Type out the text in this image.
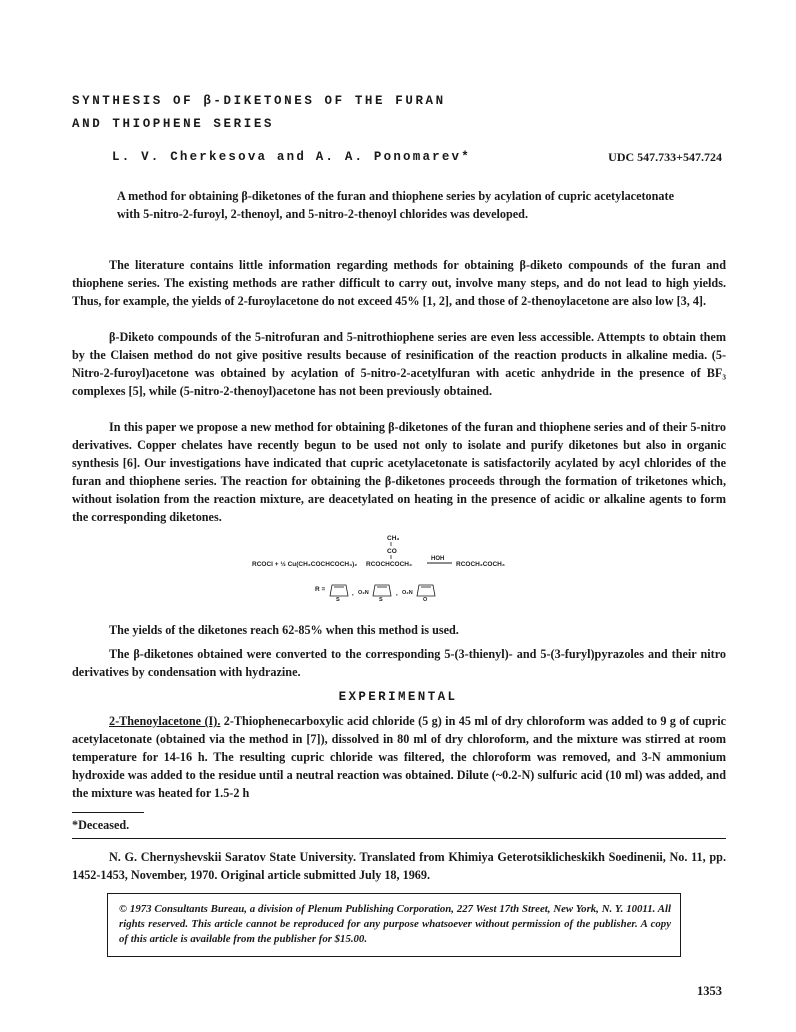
SYNTHESIS OF β-DIKETONES OF THE FURAN
AND THIOPHENE SERIES
L. V. Cherkesova and A. A. Ponomarev*	UDC 547.733+547.724
A method for obtaining β-diketones of the furan and thiophene series by acylation of cupric acetylacetonate with 5-nitro-2-furoyl, 2-thenoyl, and 5-nitro-2-thenoyl chlorides was developed.

The literature contains little information regarding methods for obtaining β-diketo compounds of the furan and thiophene series. The existing methods are rather difficult to carry out, involve many steps, and do not lead to high yields. Thus, for example, the yields of 2-furoylacetone do not exceed 45% [1, 2], and those of 2-thenoylacetone are also low [3, 4].

β-Diketo compounds of the 5-nitrofuran and 5-nitrothiophene series are even less accessible. Attempts to obtain them by the Claisen method do not give positive results because of resinification of the reaction products in alkaline media. (5-Nitro-2-furoyl)acetone was obtained by acylation of 5-nitro-2-acetylfuran with acetic anhydride in the presence of BF₃ complexes [5], while (5-nitro-2-thenoyl)acetone has not been previously obtained.

In this paper we propose a new method for obtaining β-diketones of the furan and thiophene series and of their 5-nitro derivatives. Copper chelates have recently begun to be used not only to isolate and purify diketones but also in organic synthesis [6]. Our investigations have indicated that cupric acetylacetonate is satisfactorily acylated by acyl chlorides of the furan and thiophene series. The reaction for obtaining the β-diketones proceeds through the formation of triketones which, without isolation from the reaction mixture, are deacetylated on heating in the presence of acidic or alkaline agents to form the corresponding diketones.

CH₃
CO
RCOCl + ½ Cu(CH₃COCHCOCH₃)₂ RCOCHCOCH₃
HOH
RCOCH₂COCH₃
R =
S
, O₂N
S
, O₂N
O
The yields of the diketones reach 62-85% when this method is used.
The β-diketones obtained were converted to the corresponding 5-(3-thienyl)- and 5-(3-furyl)pyrazoles and their nitro derivatives by condensation with hydrazine.
EXPERIMENTAL

2-Thenoylacetone (I). 2-Thiophenecarboxylic acid chloride (5 g) in 45 ml of dry chloroform was added to 9 g of cupric acetylacetonate (obtained via the method in [7]), dissolved in 80 ml of dry chloroform, and the mixture was stirred at room temperature for 14-16 h. The resulting cupric chloride was filtered, the chloroform was removed, and 3-N ammonium hydroxide was added to the residue until a neutral reaction was obtained. Dilute (~0.2-N) sulfuric acid (10 ml) was added, and the mixture was heated for 1.5-2 h

*Deceased.
N. G. Chernyshevskii Saratov State University. Translated from Khimiya Geterotsiklicheskikh Soedinenii, No. 11, pp. 1452-1453, November, 1970. Original article submitted July 18, 1969.
© 1973 Consultants Bureau, a division of Plenum Publishing Corporation, 227 West 17th Street, New York, N. Y. 10011. All rights reserved. This article cannot be reproduced for any purpose whatsoever without permission of the publisher. A copy of this article is available from the publisher for $15.00.
1353
